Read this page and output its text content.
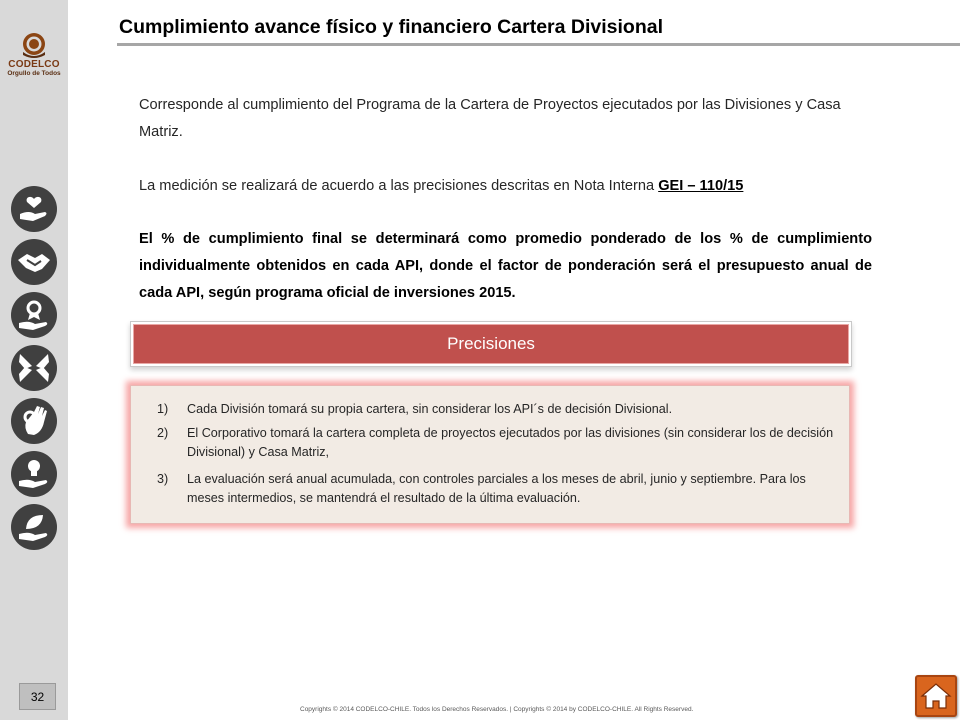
CODELCO
Orgullo de Todos
32
Cumplimiento avance físico y financiero Cartera Divisional
Corresponde al cumplimiento del Programa de la Cartera de Proyectos ejecutados por las Divisiones y Casa Matriz.
La medición se realizará de acuerdo a las precisiones descritas en Nota Interna GEI – 110/15
El % de cumplimiento final se determinará como promedio ponderado de los % de cumplimiento individualmente obtenidos en cada API, donde el factor de ponderación será el presupuesto anual de cada API, según programa oficial de inversiones 2015.
Precisiones
1) Cada División tomará su propia cartera, sin considerar los API´s de decisión Divisional.
2) El Corporativo tomará la cartera completa de proyectos ejecutados por las divisiones (sin considerar los de decisión Divisional) y Casa Matriz,
3) La evaluación será anual acumulada, con controles parciales a los meses de abril, junio y septiembre. Para los meses intermedios, se mantendrá el resultado de la última evaluación.
Copyrights © 2014 CODELCO-CHILE. Todos los Derechos Reservados. | Copyrights © 2014 by CODELCO-CHILE. All Rights Reserved.
